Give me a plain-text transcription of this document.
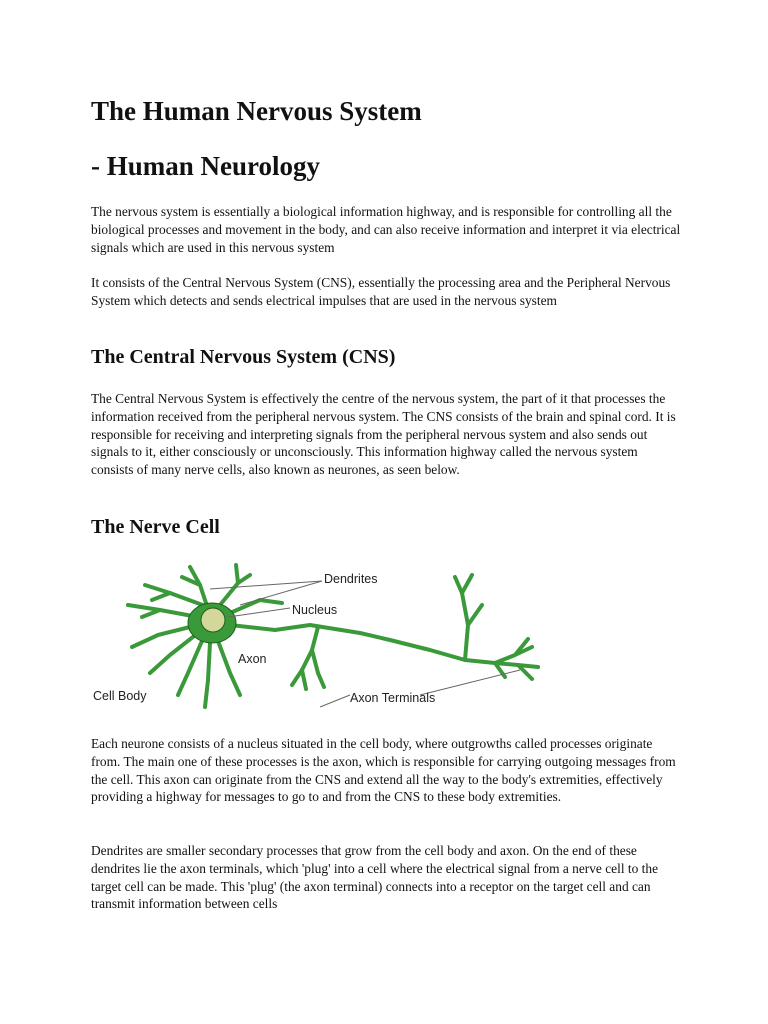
The Human Nervous System
- Human Neurology

The nervous system is essentially a biological information highway, and is responsible for controlling all the biological processes and movement in the body, and can also receive information and interpret it via electrical signals which are used in this nervous system

It consists of the Central Nervous System (CNS), essentially the processing area and the Peripheral Nervous System which detects and sends electrical impulses that are used in the nervous system

The Central Nervous System (CNS)

The Central Nervous System is effectively the centre of the nervous system, the part of it that processes the information received from the peripheral nervous system. The CNS consists of the brain and spinal cord. It is responsible for receiving and interpreting signals from the peripheral nervous system and also sends out signals to it, either consciously or unconsciously. This information highway called the nervous system consists of many nerve cells, also known as neurones, as seen below.

The Nerve Cell
Dendrites
Nucleus
Axon
Cell Body	Axon Terminals

Each neurone consists of a nucleus situated in the cell body, where outgrowths called processes originate from. The main one of these processes is the axon, which is responsible for carrying outgoing messages from the cell. This axon can originate from the CNS and extend all the way to the body's extremities, effectively providing a highway for messages to go to and from the CNS to these body extremities.

Dendrites are smaller secondary processes that grow from the cell body and axon. On the end of these dendrites lie the axon terminals, which 'plug' into a cell where the electrical signal from a nerve cell to the target cell can be made. This 'plug' (the axon terminal) connects into a receptor on the target cell and can transmit information between cells
